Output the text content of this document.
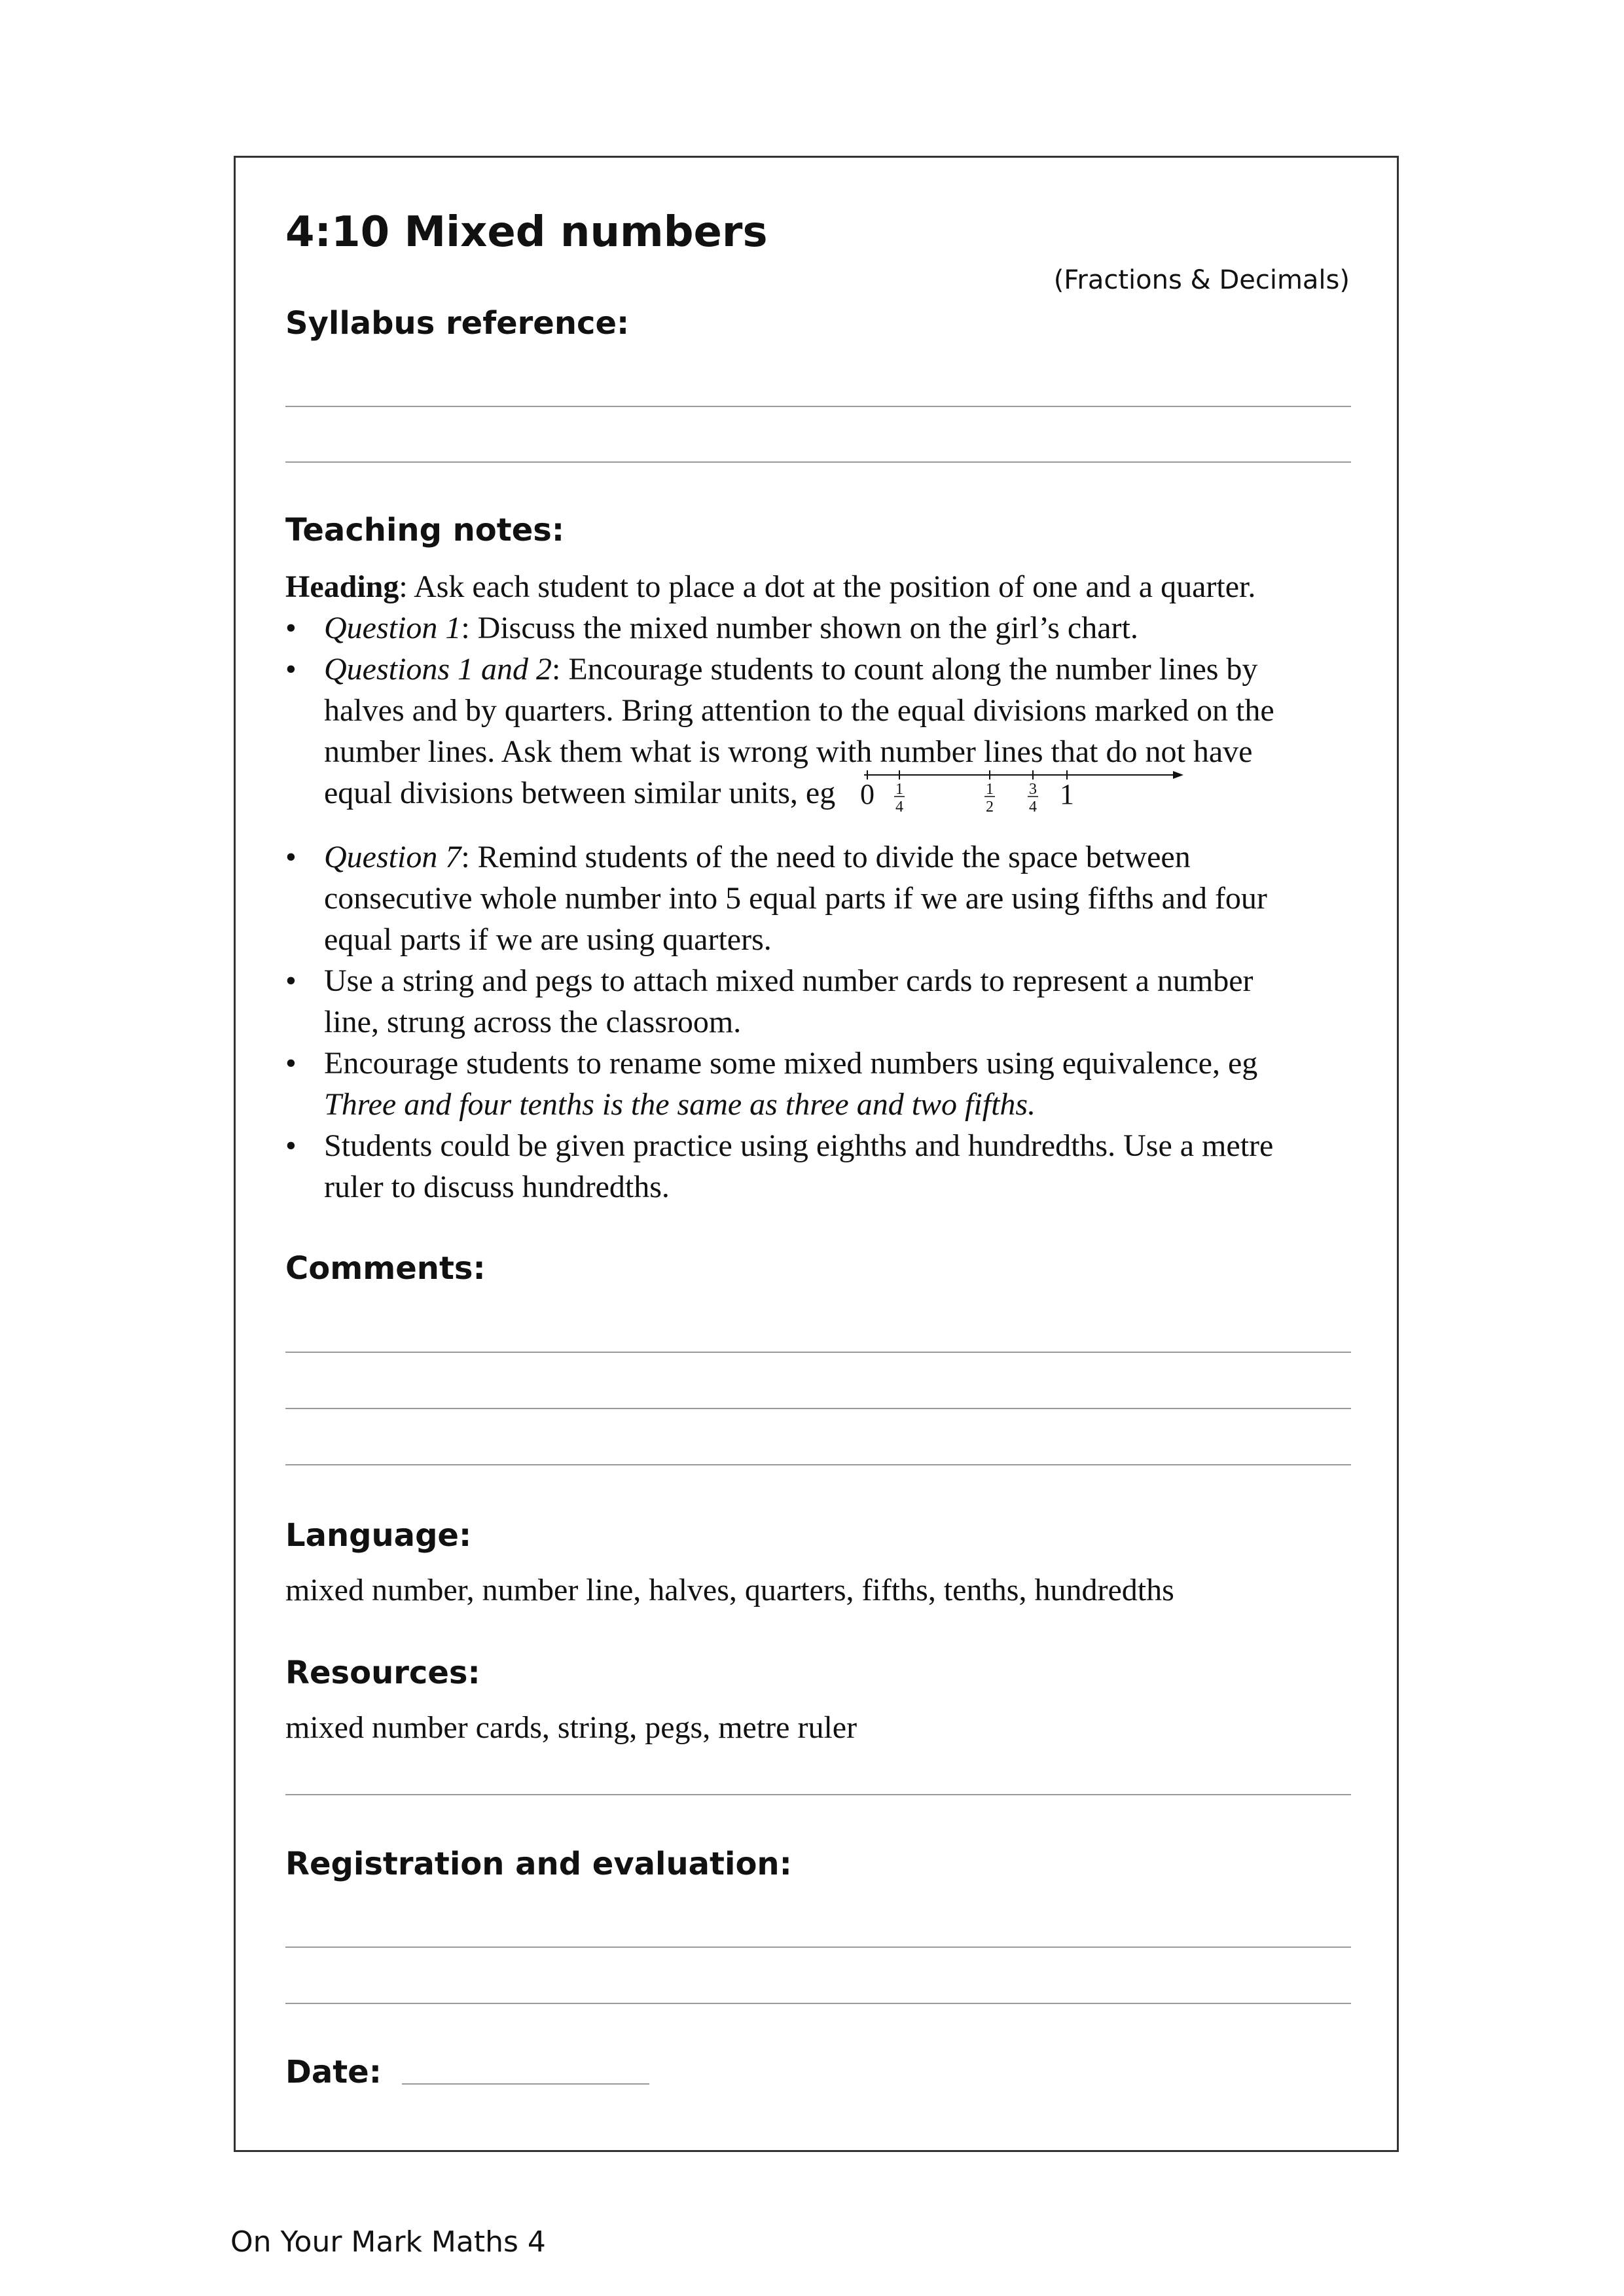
4:10 Mixed numbers
(Fractions & Decimals)
Syllabus reference:
Teaching notes:

Heading: Ask each student to place a dot at the position of one and a quarter.

• Question 1: Discuss the mixed number shown on the girl’s chart.
• Questions 1 and 2: Encourage students to count along the number lines by
halves and by quarters. Bring attention to the equal divisions marked on the
number lines. Ask them what is wrong with number lines that do not have
equal divisions between similar units, eg 0	1
1
4
1
2
3
4
• Question 7: Remind students of the need to divide the space between
consecutive whole number into 5 equal parts if we are using fifths and four
equal parts if we are using quarters.
• Use a string and pegs to attach mixed number cards to represent a number
line, strung across the classroom.
• Encourage students to rename some mixed numbers using equivalence, eg
Three and four tenths is the same as three and two fifths.
• Students could be given practice using eighths and hundredths. Use a metre
ruler to discuss hundredths.
Comments:
Language:
mixed number, number line, halves, quarters, fifths, tenths, hundredths
Resources:
mixed number cards, string, pegs, metre ruler
Registration and evaluation:
Date:
On Your Mark Maths 4
